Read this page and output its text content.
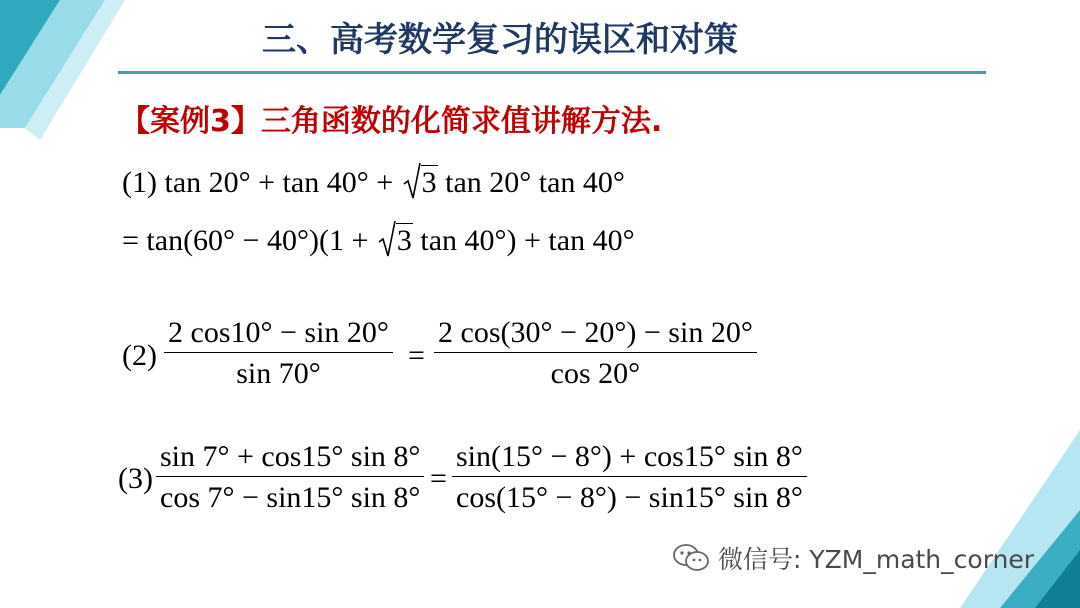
三、高考数学复习的误区和对策
【案例3】三角函数的化简求值讲解方法.
(1) tan 20° + tan 40° +
3 tan 20° tan 40°
= tan(60° − 40°)(1 +
3 tan 40°) + tan 40°
$(2) \frac{2 \cos 10^\circ - \sin 20^\circ}{\sin 70^\circ} = \frac{2 \cos(30^\circ - 20^\circ) - \sin 20^\circ}{\cos 20^\circ}$
$(3) \frac{\sin 7^\circ + \cos 15^\circ \sin 8^\circ}{\cos 7^\circ - \sin 15^\circ \sin 8^\circ} = \frac{\sin(15^\circ - 8^\circ) + \cos 15^\circ \sin 8^\circ}{\cos(15^\circ - 8^\circ) - \sin 15^\circ \sin 8^\circ}$
微信号: YZM_math_corner
